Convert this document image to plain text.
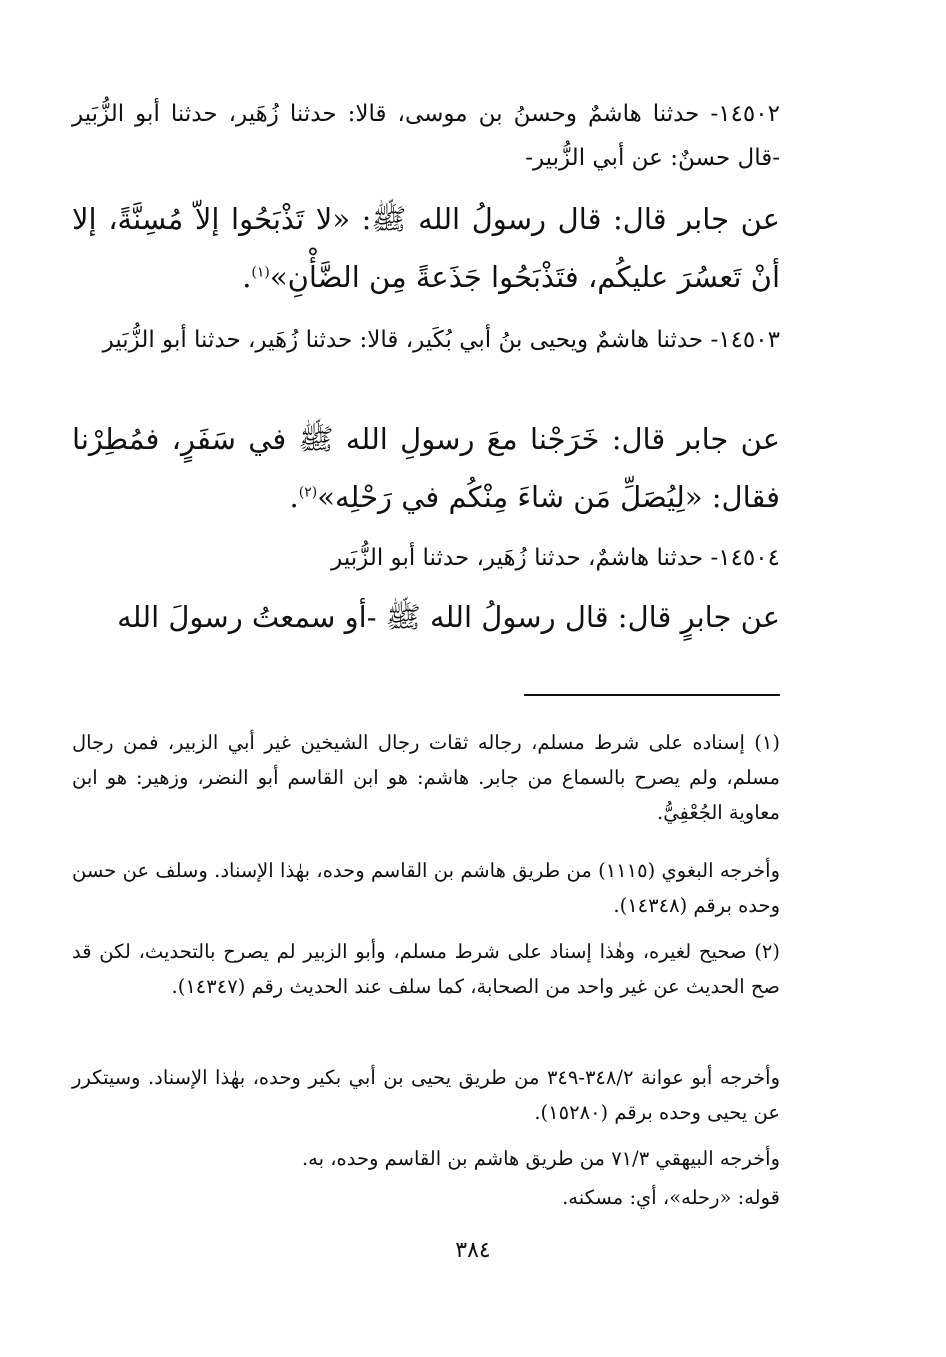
١٤٥٠٢- حدثنا هاشمٌ وحسنُ بن موسى، قالا: حدثنا زُهَير، حدثنا أبو الزُّبَير -قال حسنٌ: عن أبي الزُّبير-

عن جابر قال: قال رسولُ الله ﷺ: «لا تَذْبَحُوا إلاّ مُسِنَّةً، إلا أنْ تَعسُرَ عليكُم، فتَذْبَحُوا جَذَعةً مِن الضَّأْنِ»$^{(١)}$.

١٤٥٠٣- حدثنا هاشمٌ ويحيى بنُ أبي بُكَير، قالا: حدثنا زُهَير، حدثنا أبو الزُّبَير

عن جابر قال: خَرَجْنا معَ رسولِ الله ﷺ في سَفَرٍ، فمُطِرْنا فقال: «لِيُصَلِّ مَن شاءَ مِنْكُم في رَحْلِه»$^{(٢)}$.

١٤٥٠٤- حدثنا هاشمٌ، حدثنا زُهَير، حدثنا أبو الزُّبَير

عن جابرٍ قال: قال رسولُ الله ﷺ -أو سمعتُ رسولَ الله

(١) إسناده على شرط مسلم، رجاله ثقات رجال الشيخين غير أبي الزبير، فمن رجال مسلم، ولم يصرح بالسماع من جابر. هاشم: هو ابن القاسم أبو النضر، وزهير: هو ابن معاوية الجُعْفِيُّ.

وأخرجه البغوي (١١١٥) من طريق هاشم بن القاسم وحده، بهٰذا الإسناد. وسلف عن حسن وحده برقم (١٤٣٤٨).

(٢) صحيح لغيره، وهٰذا إسناد على شرط مسلم، وأبو الزبير لم يصرح بالتحديث، لكن قد صح الحديث عن غير واحد من الصحابة، كما سلف عند الحديث رقم (١٤٣٤٧).

وأخرجه أبو عوانة ٣٤٨/٢-٣٤٩ من طريق يحيى بن أبي بكير وحده، بهٰذا الإسناد. وسيتكرر عن يحيى وحده برقم (١٥٢٨٠).

وأخرجه البيهقي ٧١/٣ من طريق هاشم بن القاسم وحده، به.

قوله: «رحله»، أي: مسكنه.

٣٨٤
